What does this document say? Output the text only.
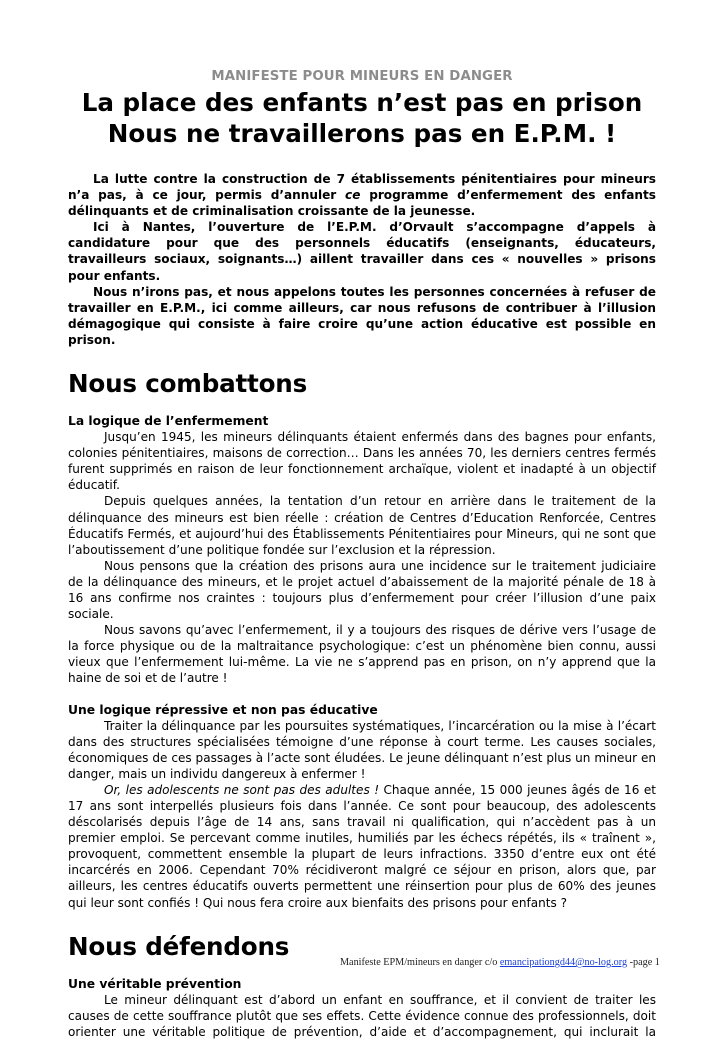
MANIFESTE POUR MINEURS EN DANGER
La place des enfants n’est pas en prison
Nous ne travaillerons pas en E.P.M. !

La lutte contre la construction de 7 établissements pénitentiaires pour mineurs n’a pas, à ce jour, permis d’annuler ce programme d’enfermement des enfants délinquants et de criminalisation croissante de la jeunesse.

Ici à Nantes, l’ouverture de l’E.P.M. d’Orvault s’accompagne d’appels à candidature pour que des personnels éducatifs (enseignants, éducateurs, travailleurs sociaux, soignants…) aillent travailler dans ces « nouvelles » prisons pour enfants.

Nous n’irons pas, et nous appelons toutes les personnes concernées à refuser de travailler en E.P.M., ici comme ailleurs, car nous refusons de contribuer à l’illusion démagogique qui consiste à faire croire qu’une action éducative est possible en prison.

Nous combattons
La logique de l’enfermement

Jusqu’en 1945, les mineurs délinquants étaient enfermés dans des bagnes pour enfants, colonies pénitentiaires, maisons de correction… Dans les années 70, les derniers centres fermés furent supprimés en raison de leur fonctionnement archaïque, violent et inadapté à un objectif éducatif.

Depuis quelques années, la tentation d’un retour en arrière dans le traitement de la délinquance des mineurs est bien réelle : création de Centres d’Education Renforcée, Centres Éducatifs Fermés, et aujourd’hui des Établissements Pénitentiaires pour Mineurs, qui ne sont que l’aboutissement d’une politique fondée sur l’exclusion et la répression.

Nous pensons que la création des prisons aura une incidence sur le traitement judiciaire de la délinquance des mineurs, et le projet actuel d’abaissement de la majorité pénale de 18 à 16 ans confirme nos craintes : toujours plus d’enfermement pour créer l’illusion d’une paix sociale.

Nous savons qu’avec l’enfermement, il y a toujours des risques de dérive vers l’usage de la force physique ou de la maltraitance psychologique: c’est un phénomène bien connu, aussi vieux que l’enfermement lui-même. La vie ne s’apprend pas en prison, on n’y apprend que la haine de soi et de l’autre !

Une logique répressive et non pas éducative

Traiter la délinquance par les poursuites systématiques, l’incarcération ou la mise à l’écart dans des structures spécialisées témoigne d’une réponse à court terme. Les causes sociales, économiques de ces passages à l’acte sont éludées. Le jeune délinquant n’est plus un mineur en danger, mais un individu dangereux à enfermer !

Or, les adolescents ne sont pas des adultes ! Chaque année, 15 000 jeunes âgés de 16 et 17 ans sont interpellés plusieurs fois dans l’année. Ce sont pour beaucoup, des adolescents déscolarisés depuis l’âge de 14 ans, sans travail ni qualification, qui n’accèdent pas à un premier emploi. Se percevant comme inutiles, humiliés par les échecs répétés, ils « traînent », provoquent, commettent ensemble la plupart de leurs infractions. 3350 d’entre eux ont été incarcérés en 2006. Cependant 70% récidiveront malgré ce séjour en prison, alors que, par ailleurs, les centres éducatifs ouverts permettent une réinsertion pour plus de 60% des jeunes qui leur sont confiés ! Qui nous fera croire aux bienfaits des prisons pour enfants ?

Nous défendons
Une véritable prévention

Le mineur délinquant est d’abord un enfant en souffrance, et il convient de traiter les causes de cette souffrance plutôt que ses effets. Cette évidence connue des professionnels, doit orienter une véritable politique de prévention, d’aide et d’accompagnement, qui inclurait la

Manifeste EPM/mineurs en danger c/o emancipationgd44@no-log.org -page 1
